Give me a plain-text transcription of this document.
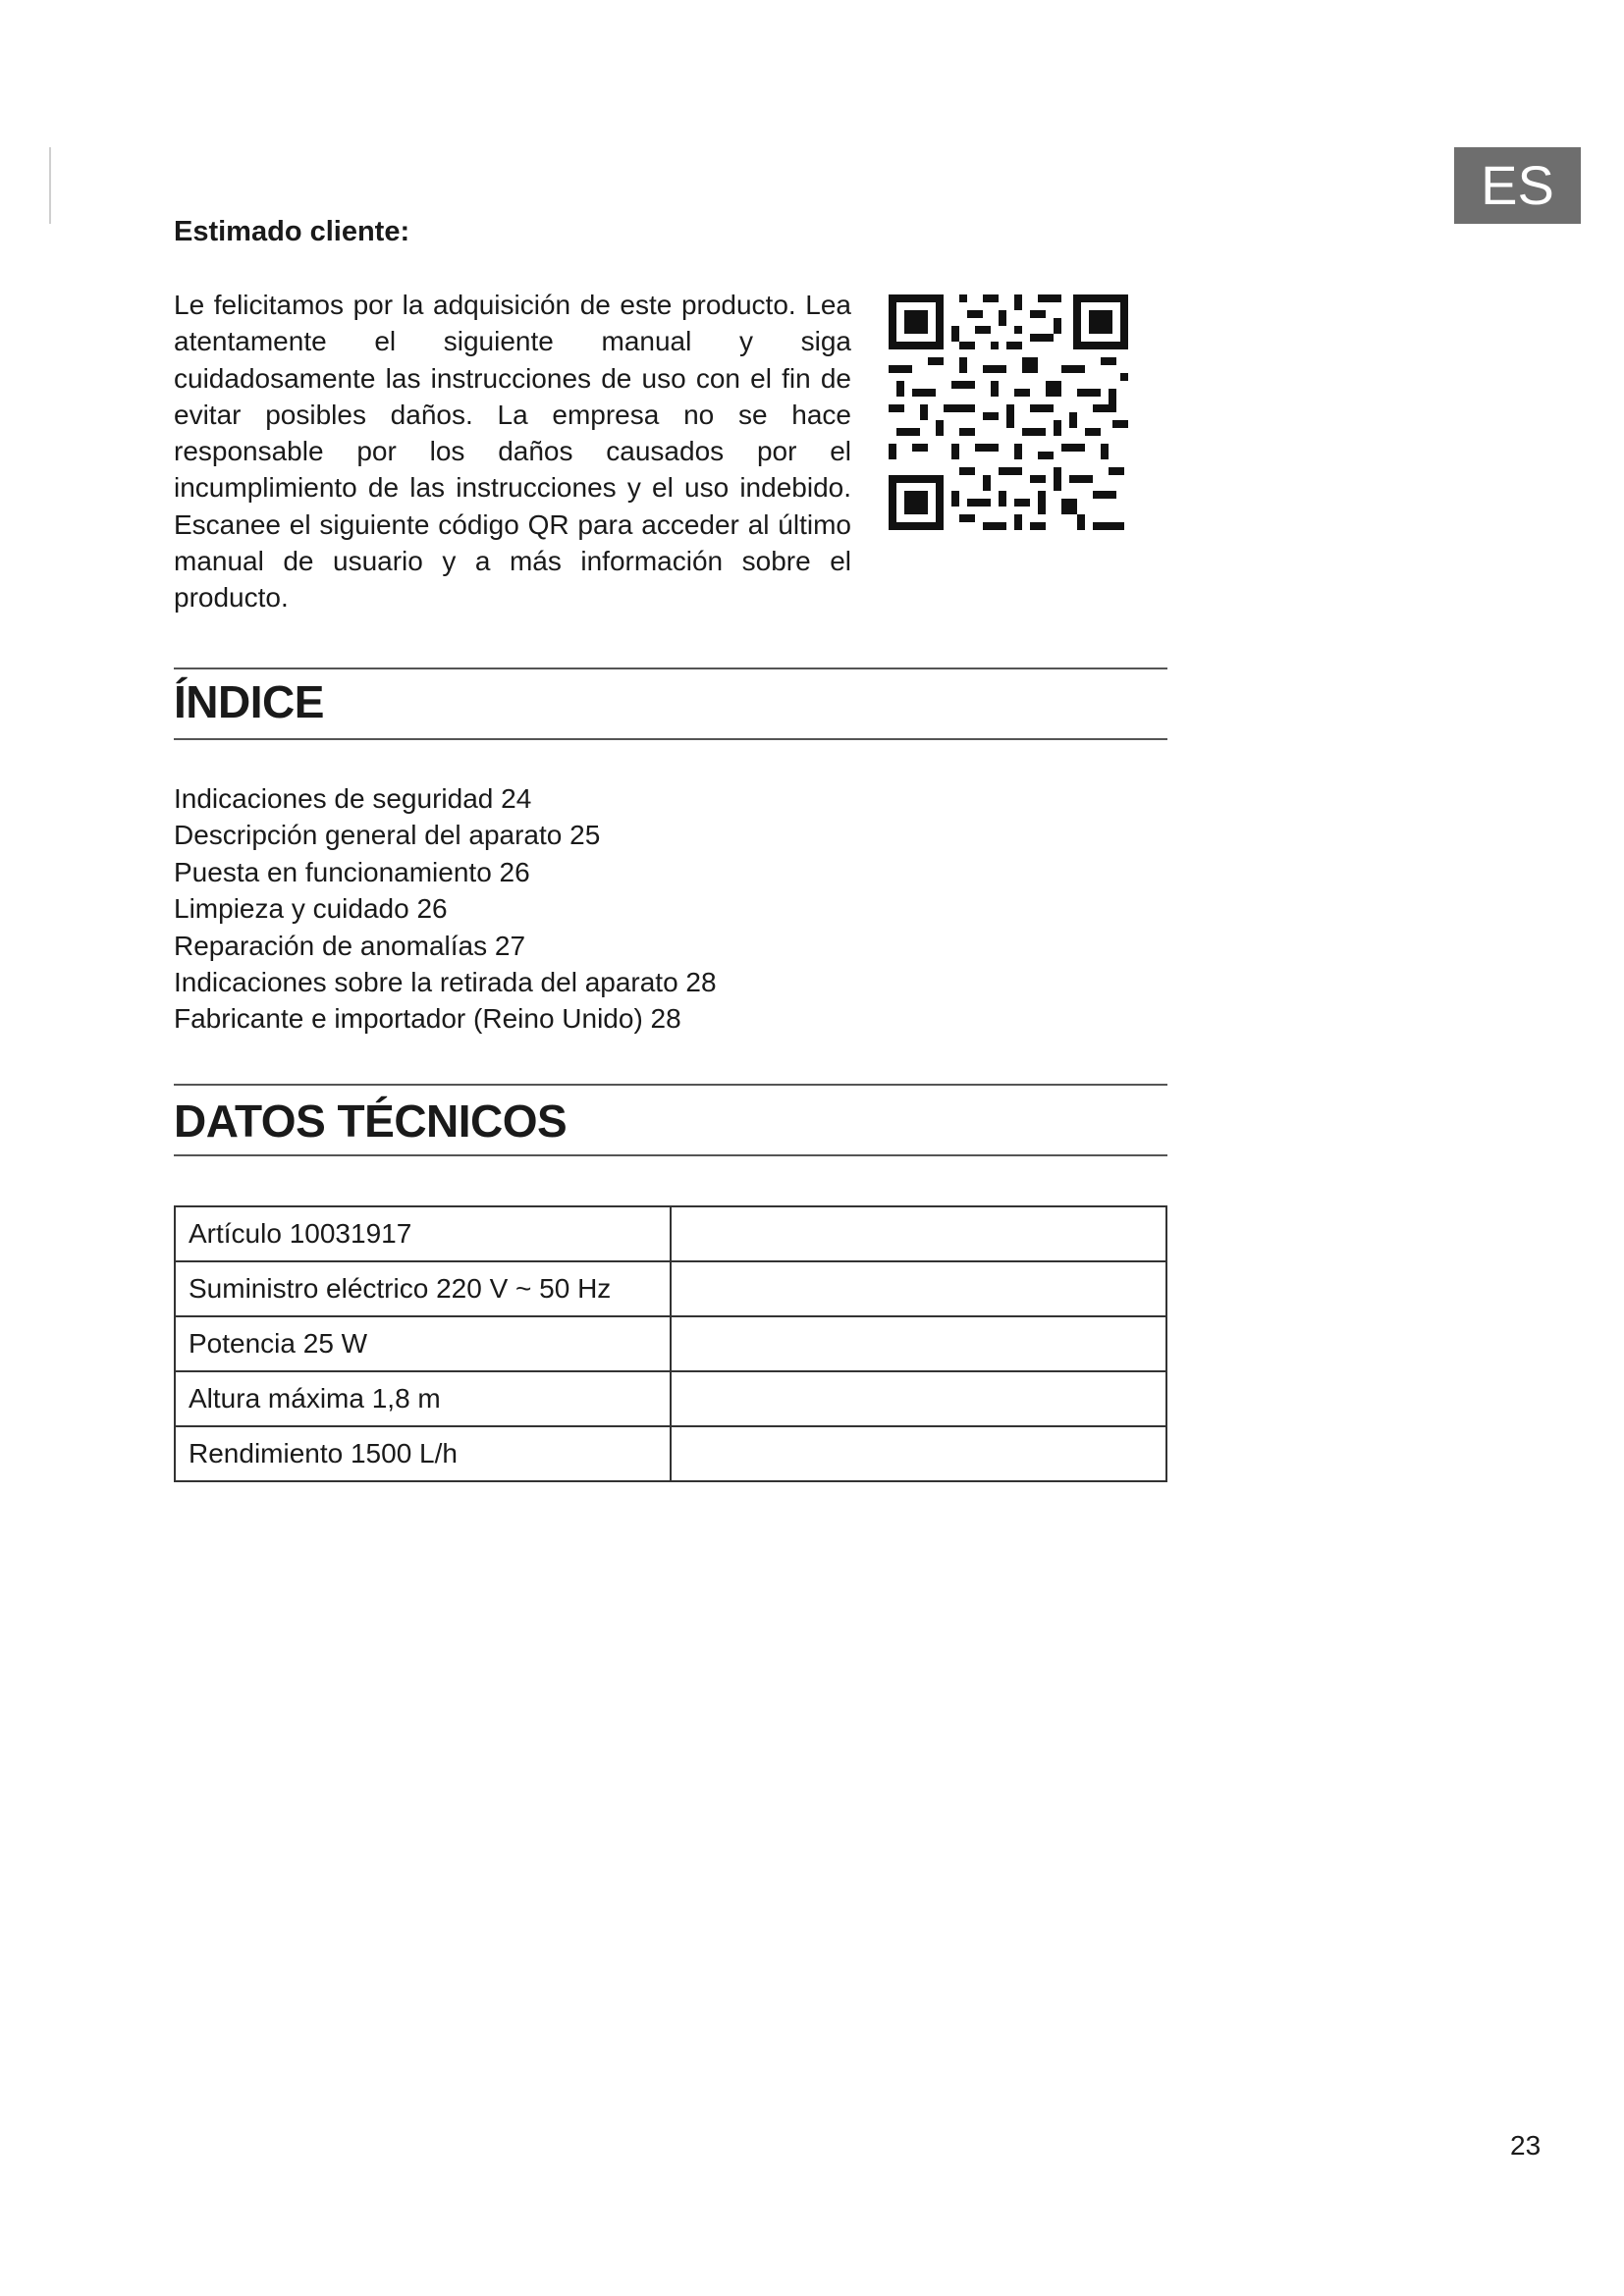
ES
Estimado cliente:

Le felicitamos por la adquisición de este producto. Lea atentamente el siguiente manual y siga cuidadosamente las instrucciones de uso con el fin de evitar posibles daños. La empresa no se hace responsable por los daños causados por el incumplimiento de las instrucciones y el uso indebido. Escanee el siguiente código QR para acceder al último manual de usuario y a más información sobre el producto.

ÍNDICE
Indicaciones de seguridad 24
Descripción general del aparato 25
Puesta en funcionamiento 26
Limpieza y cuidado 26
Reparación de anomalías 27
Indicaciones sobre la retirada del aparato 28
Fabricante e importador (Reino Unido) 28
DATOS TÉCNICOS
Artículo 10031917	
Suministro eléctrico 220 V ~ 50 Hz	
Potencia 25 W	
Altura máxima 1,8 m	
Rendimiento 1500 L/h	
23
